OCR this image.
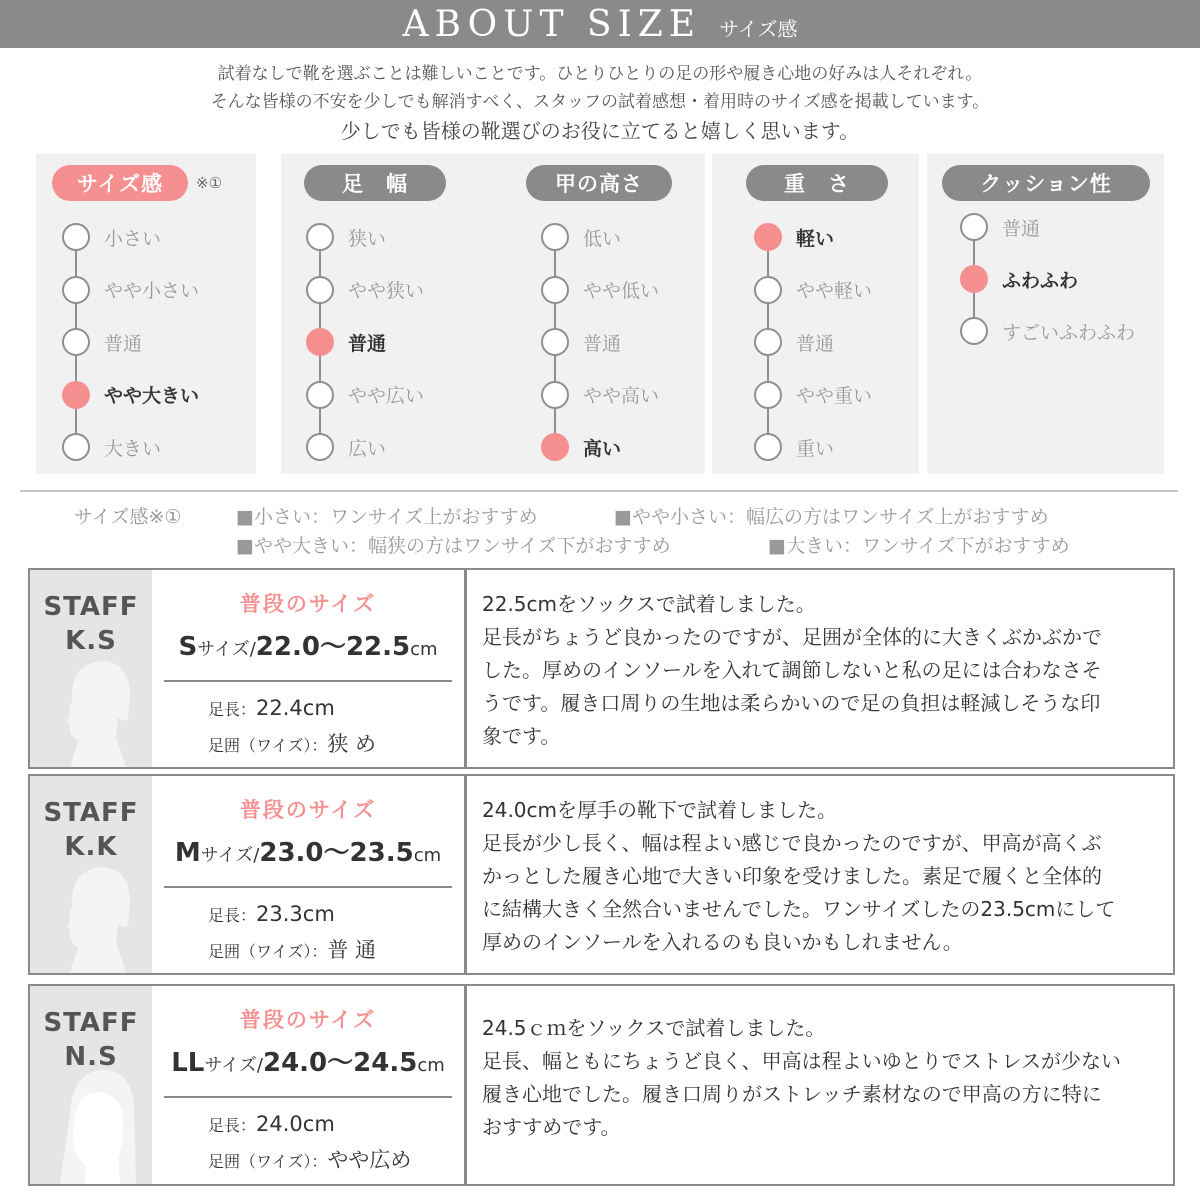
ABOUT SIZE サイズ感
試着なしで靴を選ぶことは難しいことです。ひとりひとりの足の形や履き心地の好みは人それぞれ。
そんな皆様の不安を少しでも解消すべく、スタッフの試着感想・着用時のサイズ感を掲載しています。
少しでも皆様の靴選びのお役に立てると嬉しく思います。
サイズ感	※①
小さい
やや小さい
普通
やや大きい
大きい
足　幅
狭い
やや狭い
普通
やや広い
広い
甲の高さ
低い
やや低い
普通
やや高い
高い
重　さ
軽い
やや軽い
普通
やや重い
重い
クッション性
普通
ふわふわ
すごいふわふわ
サイズ感※①	■小さい：ワンサイズ上がおすすめ	■やや小さい：幅広の方はワンサイズ上がおすすめ
■やや大きい：幅狭の方はワンサイズ下がおすすめ	■大きい：ワンサイズ下がおすすめ
STAFF
K.S
普段のサイズ
Sサイズ/22.0〜22.5cm
足長：22.4cm
足囲（ワイズ）：狭 め
22.5cmをソックスで試着しました。
足長がちょうど良かったのですが、足囲が全体的に大きくぶかぶかで
した。厚めのインソールを入れて調節しないと私の足には合わなさそ
うです。履き口周りの生地は柔らかいので足の負担は軽減しそうな印
象です。
STAFF
K.K
普段のサイズ
Mサイズ/23.0〜23.5cm
足長：23.3cm
足囲（ワイズ）：普 通
24.0cmを厚手の靴下で試着しました。
足長が少し長く、幅は程よい感じで良かったのですが、甲高が高くぶ
かっとした履き心地で大きい印象を受けました。素足で履くと全体的
に結構大きく全然合いませんでした。ワンサイズしたの23.5cmにして
厚めのインソールを入れるのも良いかもしれません。
STAFF
N.S
普段のサイズ
LLサイズ/24.0〜24.5cm
足長：24.0cm
足囲（ワイズ）：やや広め
24.5ｃｍをソックスで試着しました。
足長、幅ともにちょうど良く、甲高は程よいゆとりでストレスが少ない
履き心地でした。履き口周りがストレッチ素材なので甲高の方に特に
おすすめです。
